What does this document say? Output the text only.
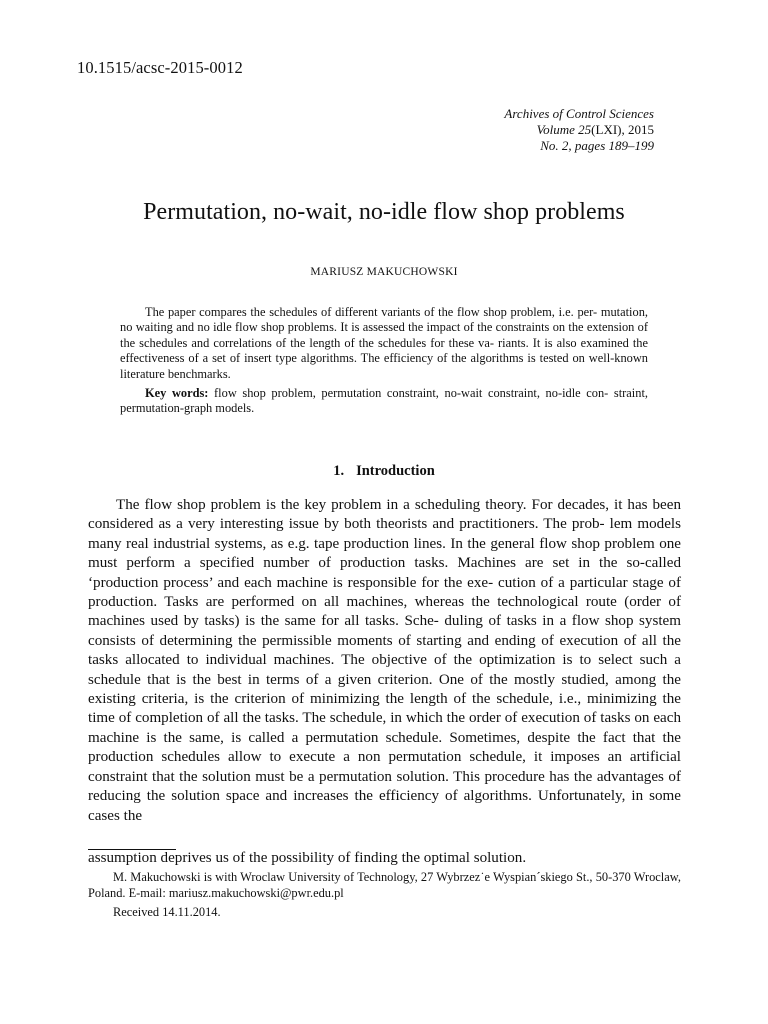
10.1515/acsc-2015-0012
Archives of Control Sciences
Volume 25(LXI), 2015
No. 2, pages 189–199
Permutation, no-wait, no-idle flow shop problems
MARIUSZ MAKUCHOWSKI

The paper compares the schedules of different variants of the flow shop problem, i.e. per- mutation, no waiting and no idle flow shop problems. It is assessed the impact of the constraints on the extension of the schedules and correlations of the length of the schedules for these va- riants. It is also examined the effectiveness of a set of insert type algorithms. The efficiency of the algorithms is tested on well-known literature benchmarks.

Key words: flow shop problem, permutation constraint, no-wait constraint, no-idle con- straint, permutation-graph models.

1. Introduction

The flow shop problem is the key problem in a scheduling theory. For decades, it has been considered as a very interesting issue by both theorists and practitioners. The prob- lem models many real industrial systems, as e.g. tape production lines. In the general flow shop problem one must perform a specified number of production tasks. Machines are set in the so-called ‘production process’ and each machine is responsible for the exe- cution of a particular stage of production. Tasks are performed on all machines, whereas the technological route (order of machines used by tasks) is the same for all tasks. Sche- duling of tasks in a flow shop system consists of determining the permissible moments of starting and ending of execution of all the tasks allocated to individual machines. The objective of the optimization is to select such a schedule that is the best in terms of a given criterion. One of the mostly studied, among the existing criteria, is the criterion of minimizing the length of the schedule, i.e., minimizing the time of completion of all the tasks. The schedule, in which the order of execution of tasks on each machine is the same, is called a permutation schedule. Sometimes, despite the fact that the production schedules allow to execute a non permutation schedule, it imposes an artificial constraint that the solution must be a permutation solution. This procedure has the advantages of reducing the solution space and increases the efficiency of algorithms. Unfortunately, in some cases the

assumption deprives us of the possibility of finding the optimal solution.

M. Makuchowski is with Wroclaw University of Technology, 27 Wybrzez˙e Wyspian´skiego St., 50-370 Wroclaw, Poland. E-mail: mariusz.makuchowski@pwr.edu.pl

Received 14.11.2014.
